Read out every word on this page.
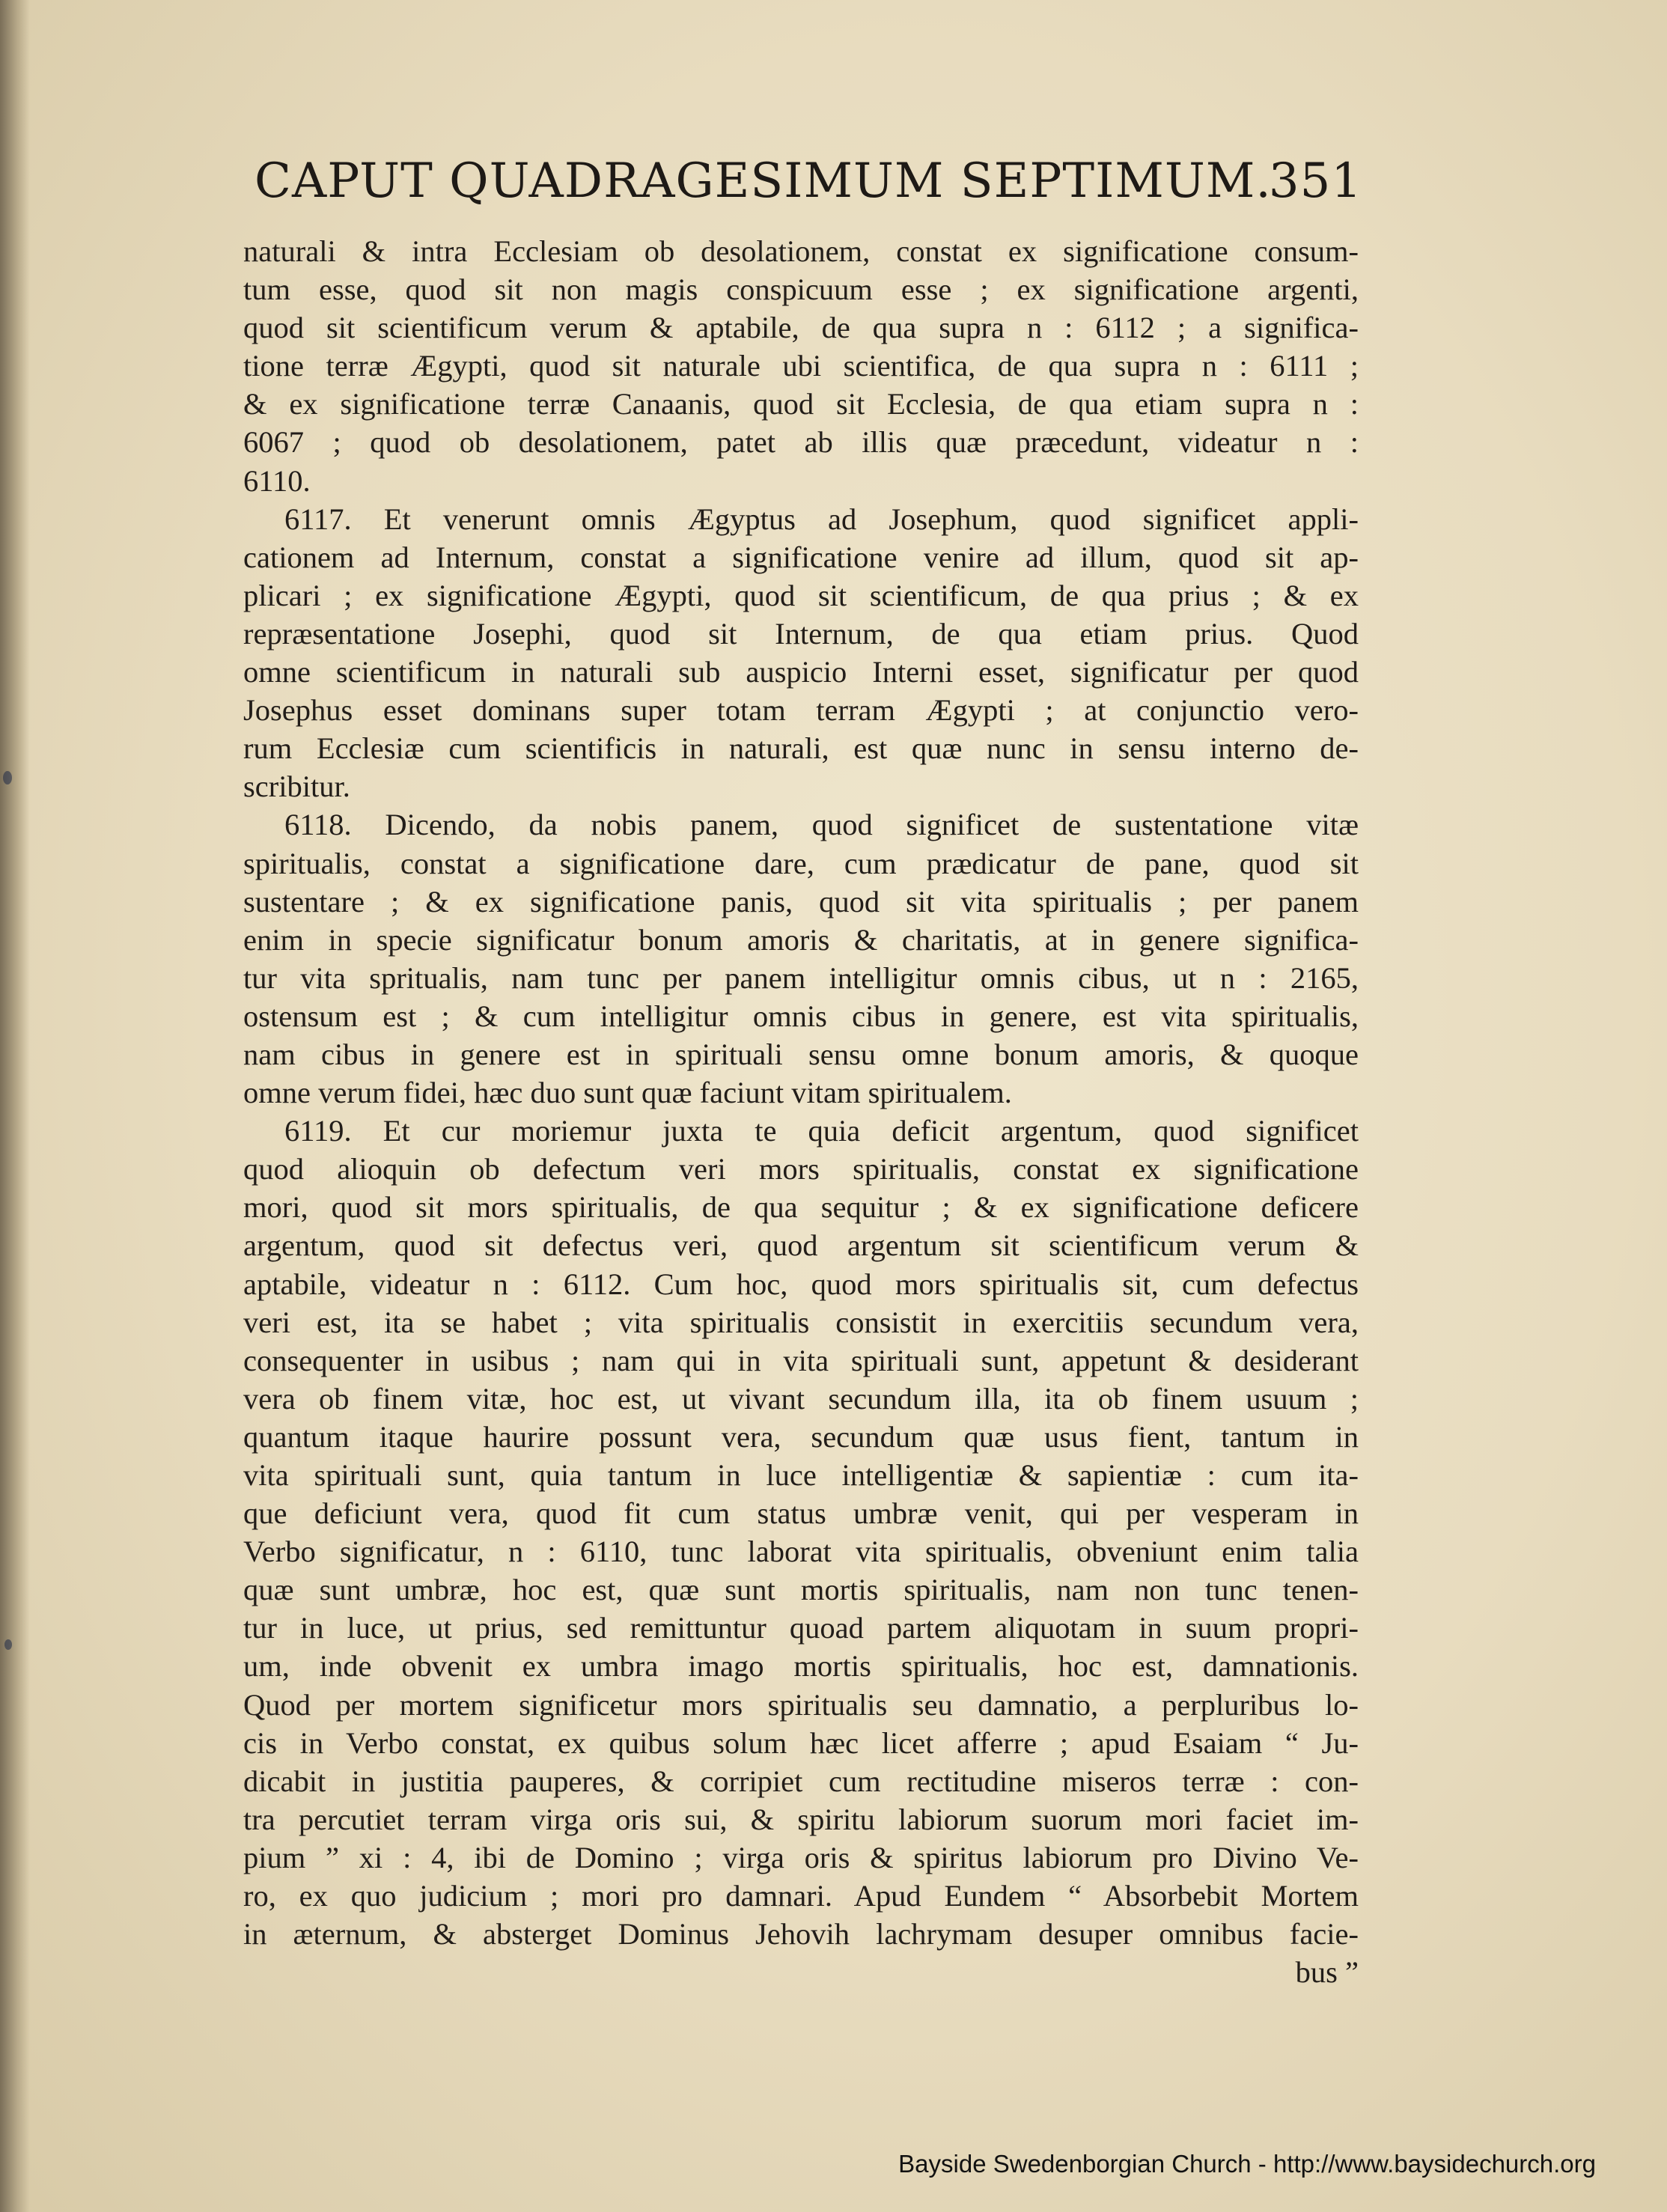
CAPUT QUADRAGESIMUM SEPTIMUM.
351
naturali & intra Ecclesiam ob desolationem, constat ex significatione consum-
tum esse, quod sit non magis conspicuum esse ; ex significatione argenti,
quod sit scientificum verum & aptabile, de qua supra n : 6112 ; a significa-
tione terræ Ægypti, quod sit naturale ubi scientifica, de qua supra n : 6111 ;
& ex significatione terræ Canaanis, quod sit Ecclesia, de qua etiam supra n :
6067 ; quod ob desolationem, patet ab illis quæ præcedunt, videatur n :
6110.
6117. Et venerunt omnis Ægyptus ad Josephum, quod significet appli-
cationem ad Internum, constat a significatione venire ad illum, quod sit ap-
plicari ; ex significatione Ægypti, quod sit scientificum, de qua prius ; & ex
repræsentatione Josephi, quod sit Internum, de qua etiam prius. Quod
omne scientificum in naturali sub auspicio Interni esset, significatur per quod
Josephus esset dominans super totam terram Ægypti ; at conjunctio vero-
rum Ecclesiæ cum scientificis in naturali, est quæ nunc in sensu interno de-
scribitur.
6118. Dicendo, da nobis panem, quod significet de sustentatione vitæ
spiritualis, constat a significatione dare, cum prædicatur de pane, quod sit
sustentare ; & ex significatione panis, quod sit vita spiritualis ; per panem
enim in specie significatur bonum amoris & charitatis, at in genere significa-
tur vita spritualis, nam tunc per panem intelligitur omnis cibus, ut n : 2165,
ostensum est ; & cum intelligitur omnis cibus in genere, est vita spiritualis,
nam cibus in genere est in spirituali sensu omne bonum amoris, & quoque
omne verum fidei, hæc duo sunt quæ faciunt vitam spiritualem.
6119. Et cur moriemur juxta te quia deficit argentum, quod significet
quod alioquin ob defectum veri mors spiritualis, constat ex significatione
mori, quod sit mors spiritualis, de qua sequitur ; & ex significatione deficere
argentum, quod sit defectus veri, quod argentum sit scientificum verum &
aptabile, videatur n : 6112. Cum hoc, quod mors spiritualis sit, cum defectus
veri est, ita se habet ; vita spiritualis consistit in exercitiis secundum vera,
consequenter in usibus ; nam qui in vita spirituali sunt, appetunt & desiderant
vera ob finem vitæ, hoc est, ut vivant secundum illa, ita ob finem usuum ;
quantum itaque haurire possunt vera, secundum quæ usus fient, tantum in
vita spirituali sunt, quia tantum in luce intelligentiæ & sapientiæ : cum ita-
que deficiunt vera, quod fit cum status umbræ venit, qui per vesperam in
Verbo significatur, n : 6110, tunc laborat vita spiritualis, obveniunt enim talia
quæ sunt umbræ, hoc est, quæ sunt mortis spiritualis, nam non tunc tenen-
tur in luce, ut prius, sed remittuntur quoad partem aliquotam in suum propri-
um, inde obvenit ex umbra imago mortis spiritualis, hoc est, damnationis.
Quod per mortem significetur mors spiritualis seu damnatio, a perpluribus lo-
cis in Verbo constat, ex quibus solum hæc licet afferre ; apud Esaiam “ Ju-
dicabit in justitia pauperes, & corripiet cum rectitudine miseros terræ : con-
tra percutiet terram virga oris sui, & spiritu labiorum suorum mori faciet im-
pium ” xi : 4, ibi de Domino ; virga oris & spiritus labiorum pro Divino Ve-
ro, ex quo judicium ; mori pro damnari. Apud Eundem “ Absorbebit Mortem
in æternum, & absterget Dominus Jehovih lachrymam desuper omnibus facie-
bus ”
Bayside Swedenborgian Church - http://www.baysidechurch.org
